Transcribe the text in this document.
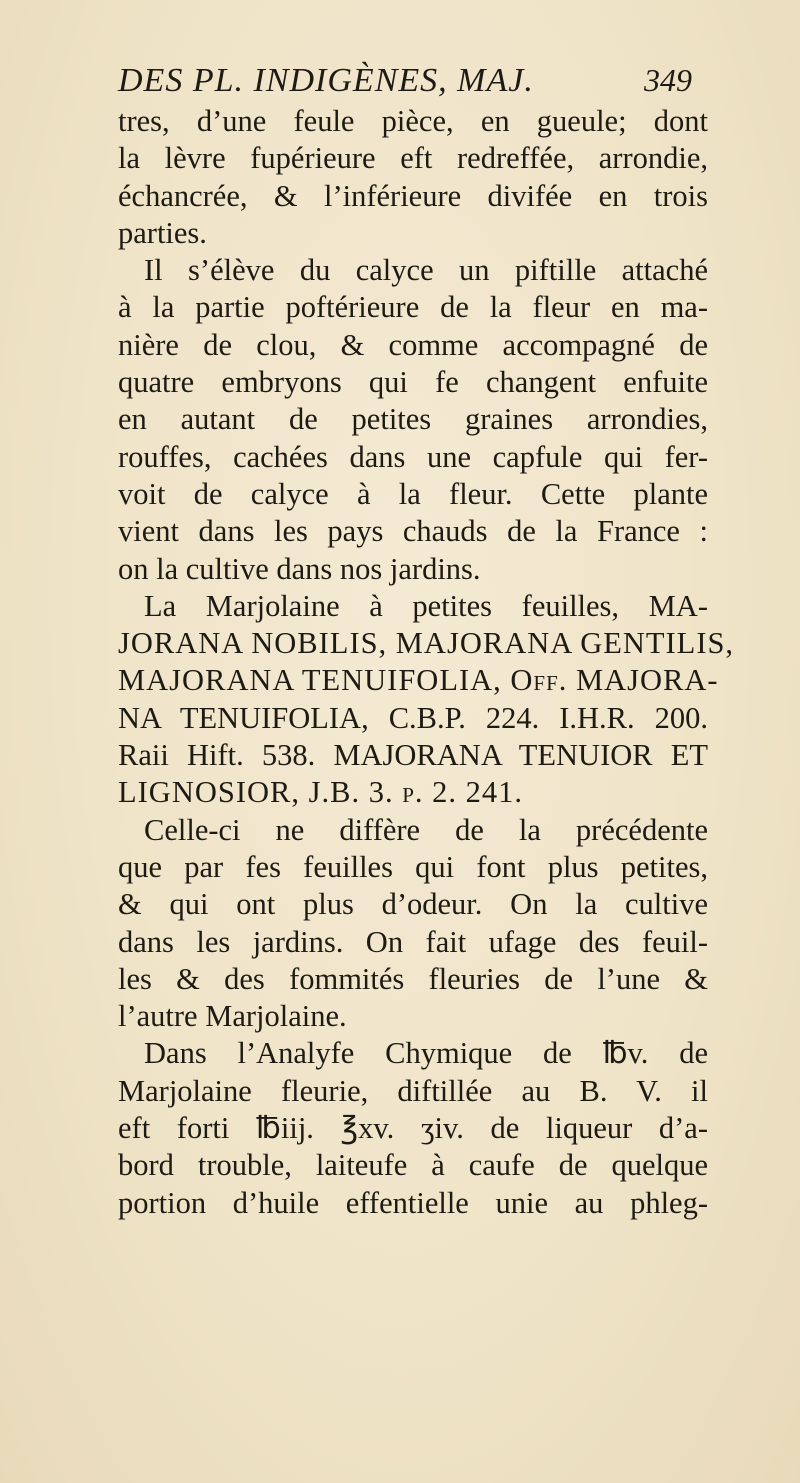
DES PL. INDIGÈNES, MAJ.	349
tres, d’une feule pièce, en gueule; dont
la lèvre fupérieure eft redreffée, arrondie,
échancrée, & l’inférieure divifée en trois
parties.
Il s’élève du calyce un piftille attaché
à la partie poftérieure de la fleur en ma-
nière de clou, & comme accompagné de
quatre embryons qui fe changent enfuite
en autant de petites graines arrondies,
rouffes, cachées dans une capfule qui fer-
voit de calyce à la fleur. Cette plante
vient dans les pays chauds de la France :
on la cultive dans nos jardins.
La Marjolaine à petites feuilles, MA-
JORANA NOBILIS, MAJORANA GENTILIS,
MAJORANA TENUIFOLIA, Off. MAJORA-
NA TENUIFOLIA, C.B.P. 224. I.H.R. 200.
Raii Hift. 538. MAJORANA TENUIOR ET
LIGNOSIOR, J.B. 3. p. 2. 241.
Celle-ci ne diffère de la précédente
que par fes feuilles qui font plus petites,
& qui ont plus d’odeur. On la cultive
dans les jardins. On fait ufage des feuil-
les & des fommités fleuries de l’une &
l’autre Marjolaine.
Dans l’Analyfe Chymique de ℔v. de
Marjolaine fleurie, diftillée au B. V. il
eft forti ℔iij. ℥xv. ʒiv. de liqueur d’a-
bord trouble, laiteufe à caufe de quelque
portion d’huile effentielle unie au phleg-
